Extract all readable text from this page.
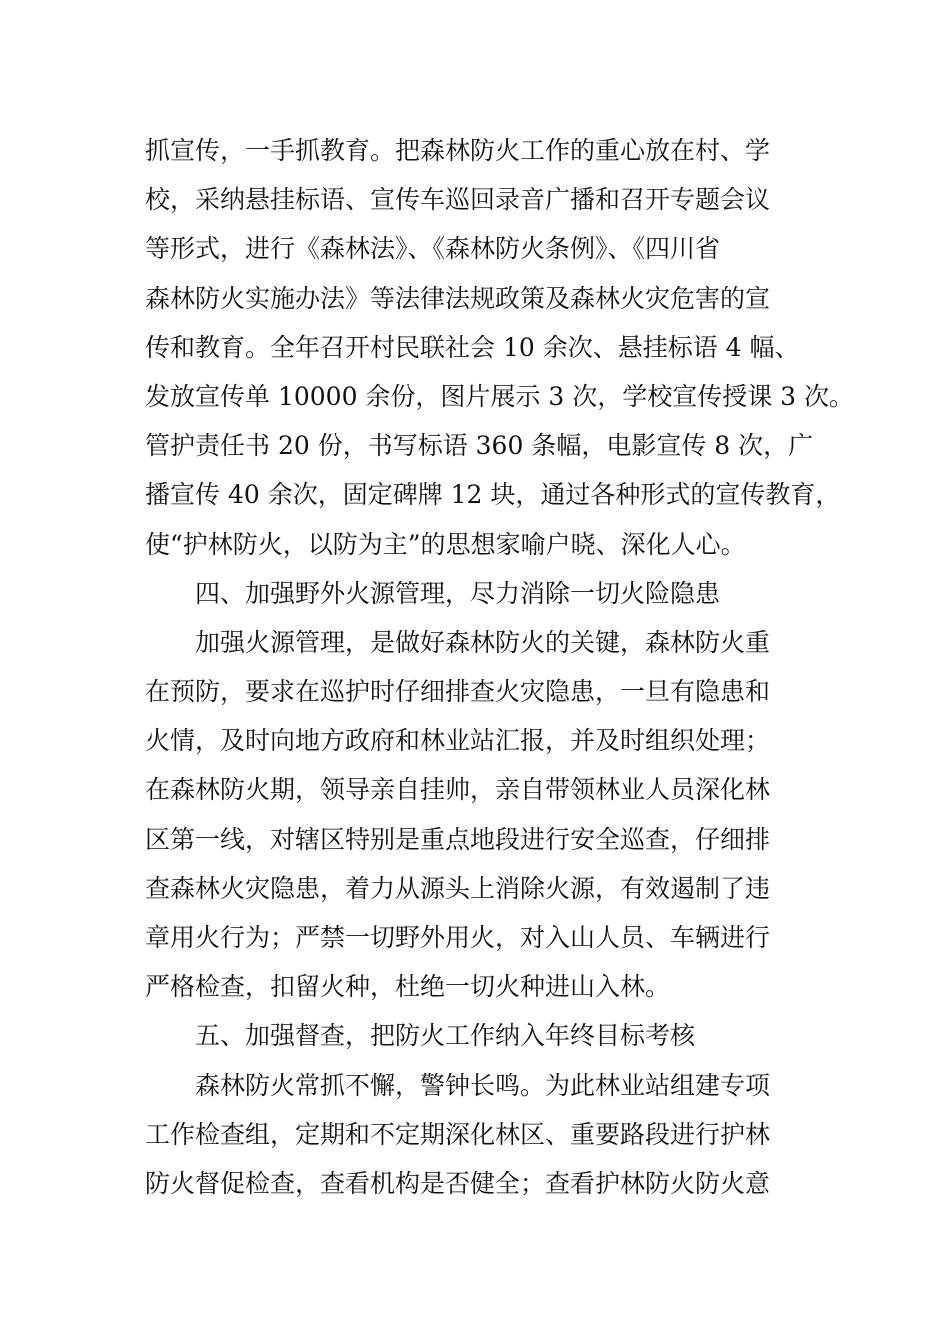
抓宣传，一手抓教育。把森林防火工作的重心放在村、学
校，采纳悬挂标语、宣传车巡回录音广播和召开专题会议
等形式，进行《森林法》、《森林防火条例》、《四川省
森林防火实施办法》等法律法规政策及森林火灾危害的宣
传和教育。全年召开村民联社会 10 余次、悬挂标语 4 幅、
发放宣传单 10000 余份，图片展示 3 次，学校宣传授课 3 次。
管护责任书 20 份，书写标语 360 条幅，电影宣传 8 次，广
播宣传 40 余次，固定碑牌 12 块，通过各种形式的宣传教育，
使“护林防火，以防为主”的思想家喻户晓、深化人心。
四、加强野外火源管理，尽力消除一切火险隐患
加强火源管理，是做好森林防火的关键，森林防火重
在预防，要求在巡护时仔细排查火灾隐患，一旦有隐患和
火情，及时向地方政府和林业站汇报，并及时组织处理；
在森林防火期，领导亲自挂帅，亲自带领林业人员深化林
区第一线，对辖区特别是重点地段进行安全巡查，仔细排
查森林火灾隐患，着力从源头上消除火源，有效遏制了违
章用火行为；严禁一切野外用火，对入山人员、车辆进行
严格检查，扣留火种，杜绝一切火种进山入林。
五、加强督查，把防火工作纳入年终目标考核
森林防火常抓不懈，警钟长鸣。为此林业站组建专项
工作检查组，定期和不定期深化林区、重要路段进行护林
防火督促检查，查看机构是否健全；查看护林防火防火意
